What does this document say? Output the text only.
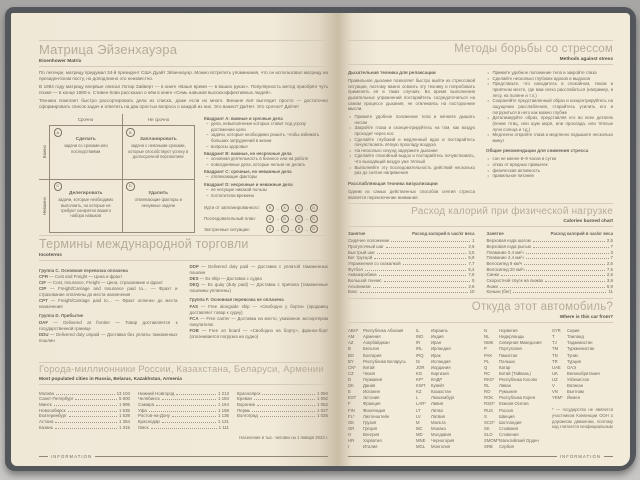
Матрица Эйзенхауэра
Eisenhower Matrix

По легенде, матрицу придумал 34-й президент США Дуайт Эйзенхауэр. Можно встретить упоминания, что он использовал матрицу на президентском посту, но доподлинно это неизвестно.

В 1984 году матрицу впервые описал Лотар Зайверт — в книге «Ваше время — в ваших руках». Популярность метод приобрёл чуть позже — в конце 1980-х. Стивен Кови рассказал о нём в книге «Семь навыков высокоэффективных людей».

Техника помогает быстро рассортировать дела из списка, даже если их много. Внешне всё выглядит просто — достаточно сформировать список задач и ответить на два простых вопроса о каждой из них. Это важно? Да/Нет. Это срочно? Да/Нет

	Срочно	Не срочно
Важно	
A
Сделать
задачи со сроками или последствиями

B
Запланировать
задачи с неясными сроками, которые способствуют успеху в долгосрочной перспективе

Неважно	
C
Делегировать
задачи, которые необходимо выполнить, но которые не требуют конкретно вашего набора навыков

D
Удалить
отвлекающие факторы и ненужные задачи
Квадрант A: важные и срочные дела
– дела, невыполнение которых ставит под угрозу достижение цели
– задачи, которые необходимо решить, чтобы избежать больших затруднений в жизни
– вопросы здоровья
Квадрант B: важные, но несрочные дела
– основная деятельность в бизнесе или на работе
– повседневные дела, которые нельзя не делать
Квадрант C: срочные, но неважные дела
– отвлекающие факторы
Квадрант D: несрочные и неважные дела
– не несущие никакой пользы
– поглотители времени
Идти от запланированного:	B →	A →	C →	D
Последовательный план:	A →	B →	C →	D
Экстренные ситуации:	A →	C →	B →	D
Термины международной торговли
Incoterms
Группа C. Основная перевозка оплачена
CFR — Cost and Freight — Цена и фрахт
CIF — Cost, Insurance, Freight — Цена, страхование и фрахт
CIP — Freight/Carriage and Insurance paid to… — Фрахт и страхование оплачены до места назначения
CPT — Freight/Carriage paid to… — Фрахт оплачен до места назначения
Группа D. Прибытие
DAF — Delivered at frontier — Товар доставляется к государственной границе
DDU — Delivered duty unpaid — Доставка без уплаты таможенных пошлин
DDP — Delivered duty paid — Доставка с уплатой таможенных пошлин
DES — Ex ship — Доставка с судна
DEQ — Ex quay (duty paid) — Доставка с причала (таможенные пошлины уплачены)
Группа F. Основная перевозка не оплачена
FAS — Free alongside ship — «Свободно у борта» (продавец доставляет товар к судну)
FCA — Free carrier — Доставка на место, указанное экспортёром покупателю
FOB — Free on board — «Свободно на борту», франко-борт (оплачивается погрузка на судно)
Города-миллионники России, Казахстана, Беларуси, Армении
Most populated cities in Russia, Belarus, Kazakhstan, Armenia
Москва	13 104
Санкт-Петербург	5 600
Минск	1 995
Новосибирск	1 635
Екатеринбург	1 539
Астана	1 354
Казань	1 315
Нижний Новгород	1 213
Челябинск	1 184
Самара	1 164
Уфа	1 158
Ростов-на-Дону	1 136
Краснодар	1 121
Омск	1 111
Красноярск	1 094
Ереван	1 092
Воронеж	1 052
Пермь	1 027
Волгоград	1 025
Население в тыс. человек на 1 января 2023 г.
INFORMATION
Методы борьбы со стрессом
Methods against stress
Дыхательная техника для релаксации

Правильное дыхание позволяет быстро выйти из стрессовой ситуации, поэтому важно освоить эту технику и попробовать применять её в таких случаях. Во время выполнения дыхательных упражнений постарайтесь сосредоточиться на самом процессе дыхания, не отвлекаясь на посторонние мысли.

• Примите удобное положение тела и начните дышать носом
• Закройте глаза и сконцентрируйтесь на том, как воздух проходит через нос
• Сделайте глубокий и медленный вдох и постарайтесь почувствовать лёгкую прохладу воздуха
• На несколько секунд задержите дыхание
• Сделайте спокойный выдох и постарайтесь почувствовать, что выходящий воздух уже тёплый
• Выполняйте эту последовательность действий несколько раз до снятия напряжения
Расслабляющая техника визуализации

Одним из самых действенных способов снятия стресса является переключение внимания.

• Примите удобное положение тела и закройте глаза
• Сделайте несколько глубоких вдохов и выдохов
• Представьте, что находитесь в спокойном, тихом и приятном месте, где вам легко расслабиться (например, в лесу, на поляне и т.п.)
• Сохраняйте представленный образ и концентрируйтесь на ощущении расслабления, старайтесь усилить его и погрузиться в него как можно глубже
• Детализируйте образ, представляя его во всех деталях (пение птиц, или шум моря, или прохлада, или тёплые лучи солнца и т.д.)
• Медленно откройте глаза и медленно подышите несколько минут
Общие рекомендации для снижения стресса
• сон не менее 8–9 часов в сутки
• отказ от вредных привычек
• физическая активность
• правильное питание
Расход калорий при физической нагрузке
Calories burned chart
Занятие	Расход калорий в час/кг веса
Сидячее положение	1
Прогулочный шаг	2,6
Быстрый шаг	3,5
Бег трусцой	6,9
Упражнения со скакалкой	7,7
Футбол	6,4
Аквааэробика	7,6
Большой теннис	5
Альпинизм	2,6
Бокс	10
Занятие	Расход калорий в час/кг веса
Верховая езда шагом	2,5
Верховая езда рысью	7
Плавание 0,4 км/ч	3
Плавание 2,4 км/ч	7
Велосипед 9 км/ч	2,6
Велосипед 20 км/ч	7,5
Санки	2,5
Скоростной спуск на лыжах	3,9
Лыжи	6,9
Коньки (бег)	11
Откуда этот автомобиль?
Where is this car from?
ABH*	Республика Абхазия
AM	Армения
AZ	Азербайджан
B	Бельгия
BG	Болгария
BY	Республика Беларусь
CN*	Китай
CZ	Чехия
D	Германия
DK	Дания
E	Испания
EST	Эстония
F	Франция
FIN	Финляндия
FL*	Лихтенштейн
GE	Грузия
GR	Греция
H	Венгрия
HR	Хорватия
I	Италия
IL	Израиль
IND	Индия
IR	Иран
IRL	Ирландия
IRQ	Ирак
IS	Исландия
JOR	Иордания
KG	Киргизия
KP*	КНДР
KWT	Кувейт
KZ	Казахстан
L	Люксембург
LAR*	Ливия
LT	Литва
LV	Латвия
M	Мальта
MC	Монако
MD	Молдавия
MNE	Черногория
MGL	Монголия
N	Норвегия
NL	Нидерланды
NMK	Северная Македония
P	Португалия
PAK	Пакистан
PL	Польша
Q	Катар
RC	Китай (Тайвань)
RKS*	Республика Косово
RL	Ливан
RO	Румыния
ROK	Республика Корея
RSO* Южная Осетия
RUS	Россия
S	Швеция
SCO* Шотландия
SK	Словакия
SLO	Словения
SMOM* Мальтийский Орден
SRB	Сербия
SYR	Сирия
T	Таиланд
TJ	Таджикистан
TM	Туркменистан
TN	Тунис
TR	Турция
UAE	ОАЭ
UK	Великобритания
UZ	Узбекистан
V	Ватикан
VN	Вьетнам
YEM* Йемен
* — государство не является участником Конвенции ООН о дорожном движении, поэтому код считается неофициальным
INFORMATION
